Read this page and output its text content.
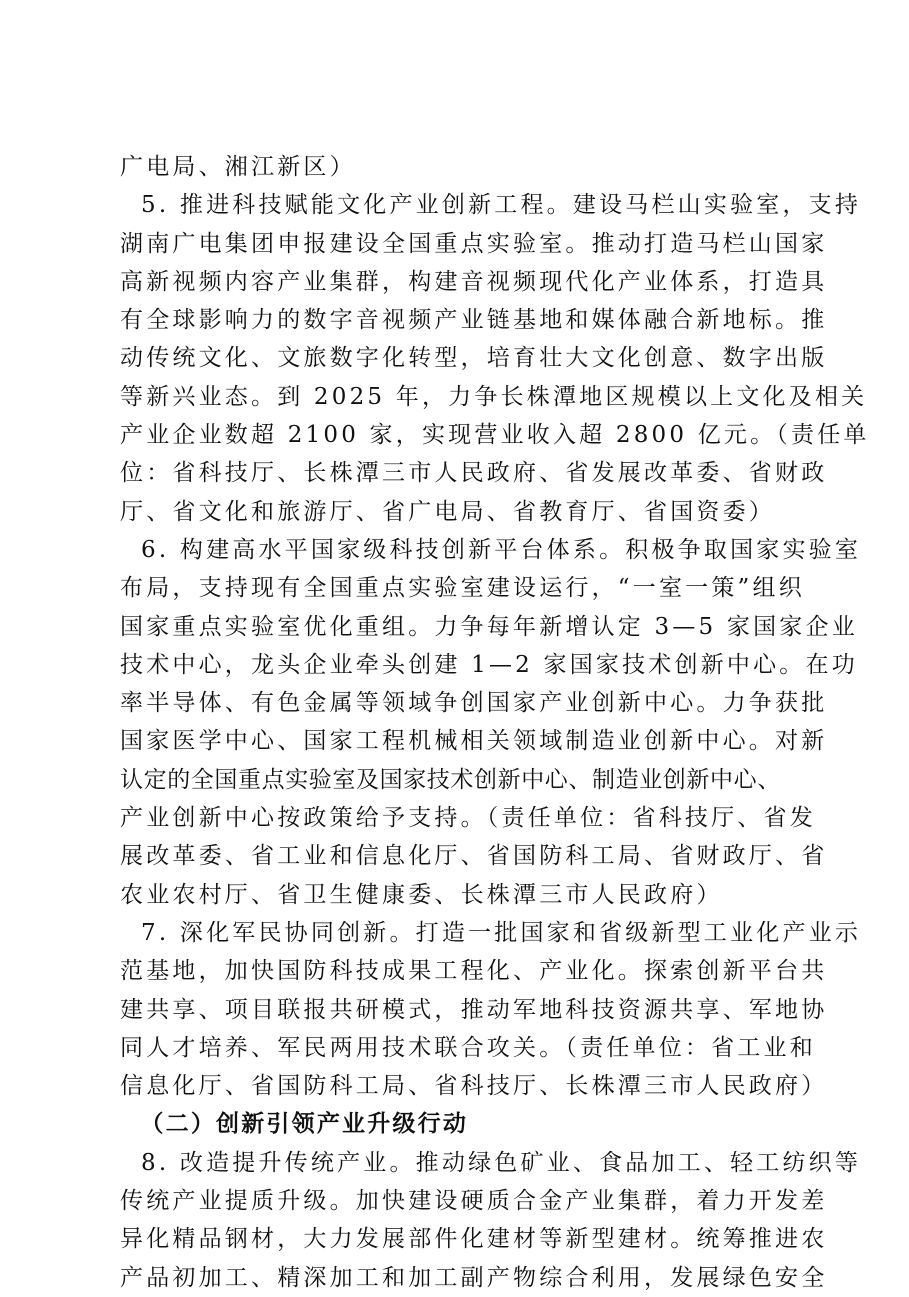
广电局、湘江新区）
5. 推进科技赋能文化产业创新工程。建设马栏山实验室，支持
湖南广电集团申报建设全国重点实验室。推动打造马栏山国家
高新视频内容产业集群，构建音视频现代化产业体系，打造具
有全球影响力的数字音视频产业链基地和媒体融合新地标。推
动传统文化、文旅数字化转型，培育壮大文化创意、数字出版
等新兴业态。到 2025 年，力争长株潭地区规模以上文化及相关
产业企业数超 2100 家，实现营业收入超 2800 亿元。（责任单
位：省科技厅、长株潭三市人民政府、省发展改革委、省财政
厅、省文化和旅游厅、省广电局、省教育厅、省国资委）
6. 构建高水平国家级科技创新平台体系。积极争取国家实验室
布局，支持现有全国重点实验室建设运行，“一室一策”组织
国家重点实验室优化重组。力争每年新增认定 3—5 家国家企业
技术中心，龙头企业牵头创建 1—2 家国家技术创新中心。在功
率半导体、有色金属等领域争创国家产业创新中心。力争获批
国家医学中心、国家工程机械相关领域制造业创新中心。对新
认定的全国重点实验室及国家技术创新中心、制造业创新中心、
产业创新中心按政策给予支持。（责任单位：省科技厅、省发
展改革委、省工业和信息化厅、省国防科工局、省财政厅、省
农业农村厅、省卫生健康委、长株潭三市人民政府）
7. 深化军民协同创新。打造一批国家和省级新型工业化产业示
范基地，加快国防科技成果工程化、产业化。探索创新平台共
建共享、项目联报共研模式，推动军地科技资源共享、军地协
同人才培养、军民两用技术联合攻关。（责任单位：省工业和
信息化厅、省国防科工局、省科技厅、长株潭三市人民政府）
（二）创新引领产业升级行动
8. 改造提升传统产业。推动绿色矿业、食品加工、轻工纺织等
传统产业提质升级。加快建设硬质合金产业集群，着力开发差
异化精品钢材，大力发展部件化建材等新型建材。统筹推进农
产品初加工、精深加工和加工副产物综合利用，发展绿色安全
